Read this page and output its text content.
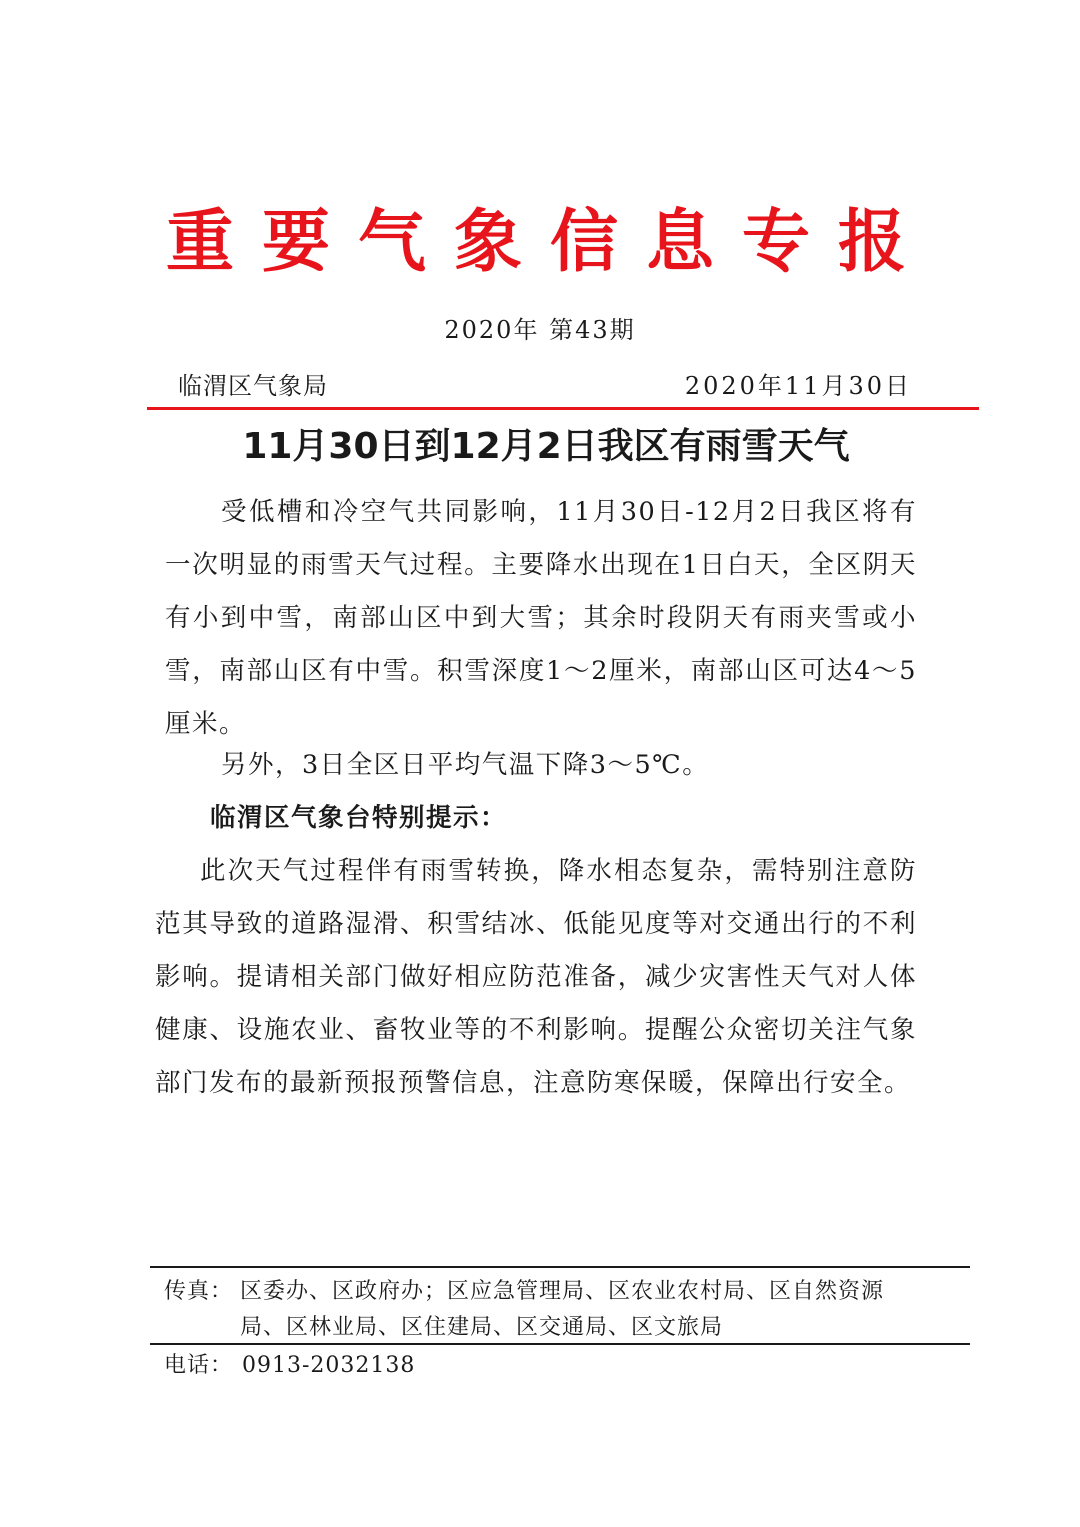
重要气象信息专报
2020年 第43期
临渭区气象局	2020年11月30日
11月30日到12月2日我区有雨雪天气

受低槽和冷空气共同影响，11月30日-12月2日我区将有一次明显的雨雪天气过程。主要降水出现在1日白天，全区阴天有小到中雪，南部山区中到大雪；其余时段阴天有雨夹雪或小雪，南部山区有中雪。积雪深度1～2厘米，南部山区可达4～5厘米。

另外，3日全区日平均气温下降3～5℃。

临渭区气象台特别提示：

此次天气过程伴有雨雪转换，降水相态复杂，需特别注意防范其导致的道路湿滑、积雪结冰、低能见度等对交通出行的不利影响。提请相关部门做好相应防范准备，减少灾害性天气对人体健康、设施农业、畜牧业等的不利影响。提醒公众密切关注气象部门发布的最新预报预警信息，注意防寒保暖，保障出行安全。

传真： 区委办、区政府办；区应急管理局、区农业农村局、区自然资源局、区林业局、区住建局、区交通局、区文旅局

电话： 0913-2032138
